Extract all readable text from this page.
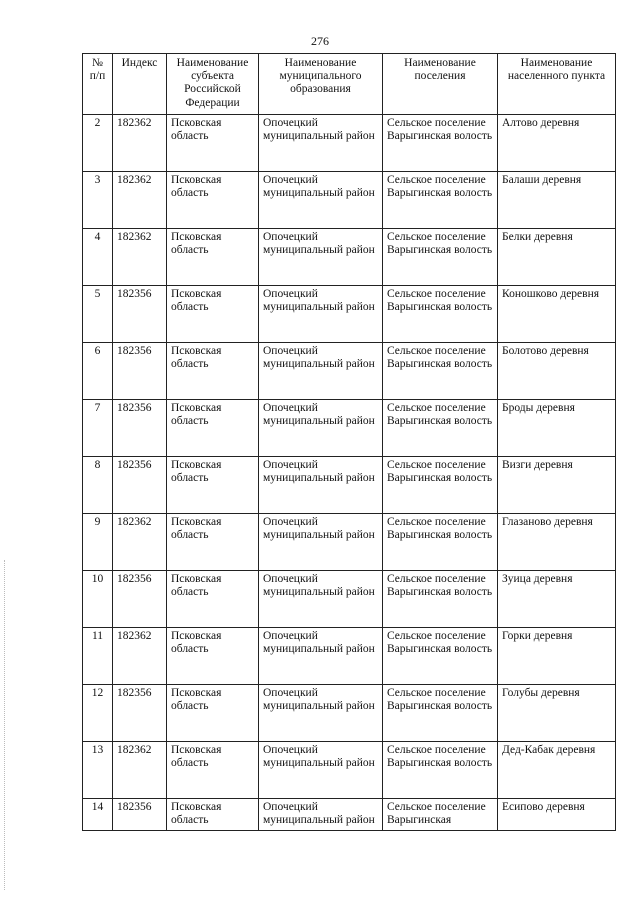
276
№ п/п	Индекс	Наименование субъекта Российской Федерации	Наименование муниципального образования	Наименование поселения	Наименование населенного пункта
2	182362	Псковская область	Опочецкий муниципальный район	Сельское поселение Варыгинская волость	Алтово деревня
3	182362	Псковская область	Опочецкий муниципальный район	Сельское поселение Варыгинская волость	Балаши деревня
4	182362	Псковская область	Опочецкий муниципальный район	Сельское поселение Варыгинская волость	Белки деревня
5	182356	Псковская область	Опочецкий муниципальный район	Сельское поселение Варыгинская волость	Коношково деревня
6	182356	Псковская область	Опочецкий муниципальный район	Сельское поселение Варыгинская волость	Болотово деревня
7	182356	Псковская область	Опочецкий муниципальный район	Сельское поселение Варыгинская волость	Броды деревня
8	182356	Псковская область	Опочецкий муниципальный район	Сельское поселение Варыгинская волость	Визги деревня
9	182362	Псковская область	Опочецкий муниципальный район	Сельское поселение Варыгинская волость	Глазаново деревня
10	182356	Псковская область	Опочецкий муниципальный район	Сельское поселение Варыгинская волость	Зуица деревня
11	182362	Псковская область	Опочецкий муниципальный район	Сельское поселение Варыгинская волость	Горки деревня
12	182356	Псковская область	Опочецкий муниципальный район	Сельское поселение Варыгинская волость	Голубы деревня
13	182362	Псковская область	Опочецкий муниципальный район	Сельское поселение Варыгинская волость	Дед-Кабак деревня
14	182356	Псковская область	Опочецкий муниципальный район	Сельское поселение Варыгинская	Есипово деревня
